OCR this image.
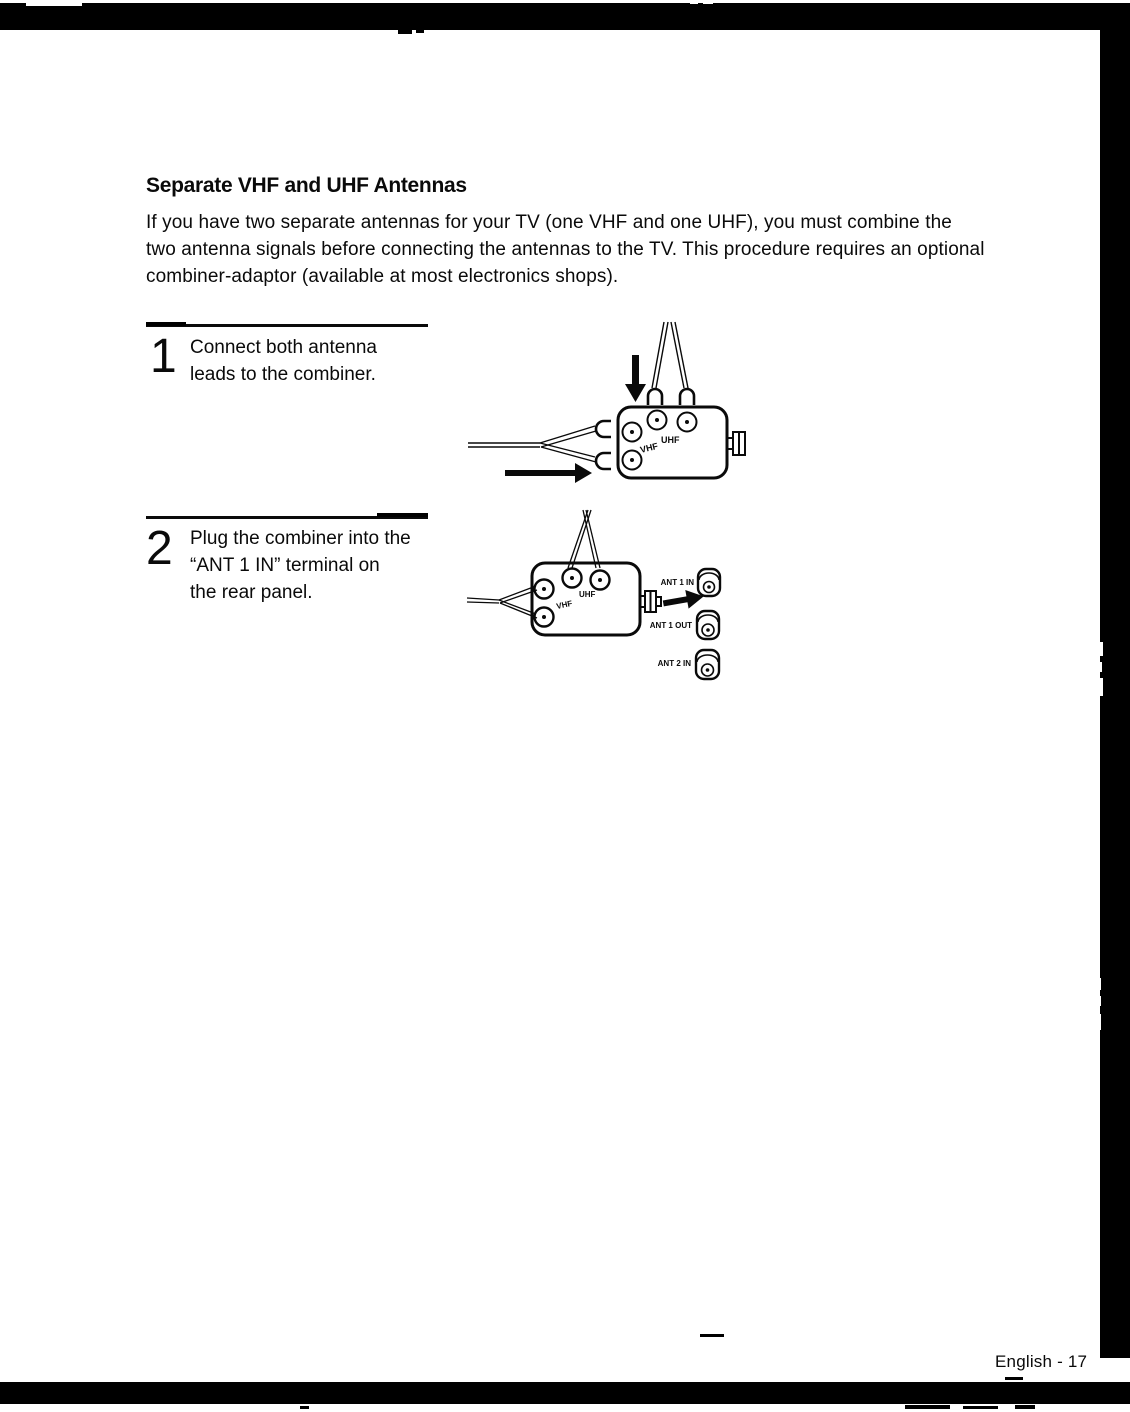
Separate VHF and UHF Antennas
If you have two separate antennas for your TV (one VHF and one UHF), you must combine the
two antenna signals before connecting the antennas to the TV. This procedure requires an optional
combiner-adaptor (available at most electronics shops).
1 Connect both antenna
leads to the combiner.
2 Plug the combiner into the
“ANT 1 IN” terminal on
the rear panel.
UHF
VHF
UHF
VHF
ANT 1 IN
ANT 1 OUT
ANT 2 IN
English - 17
